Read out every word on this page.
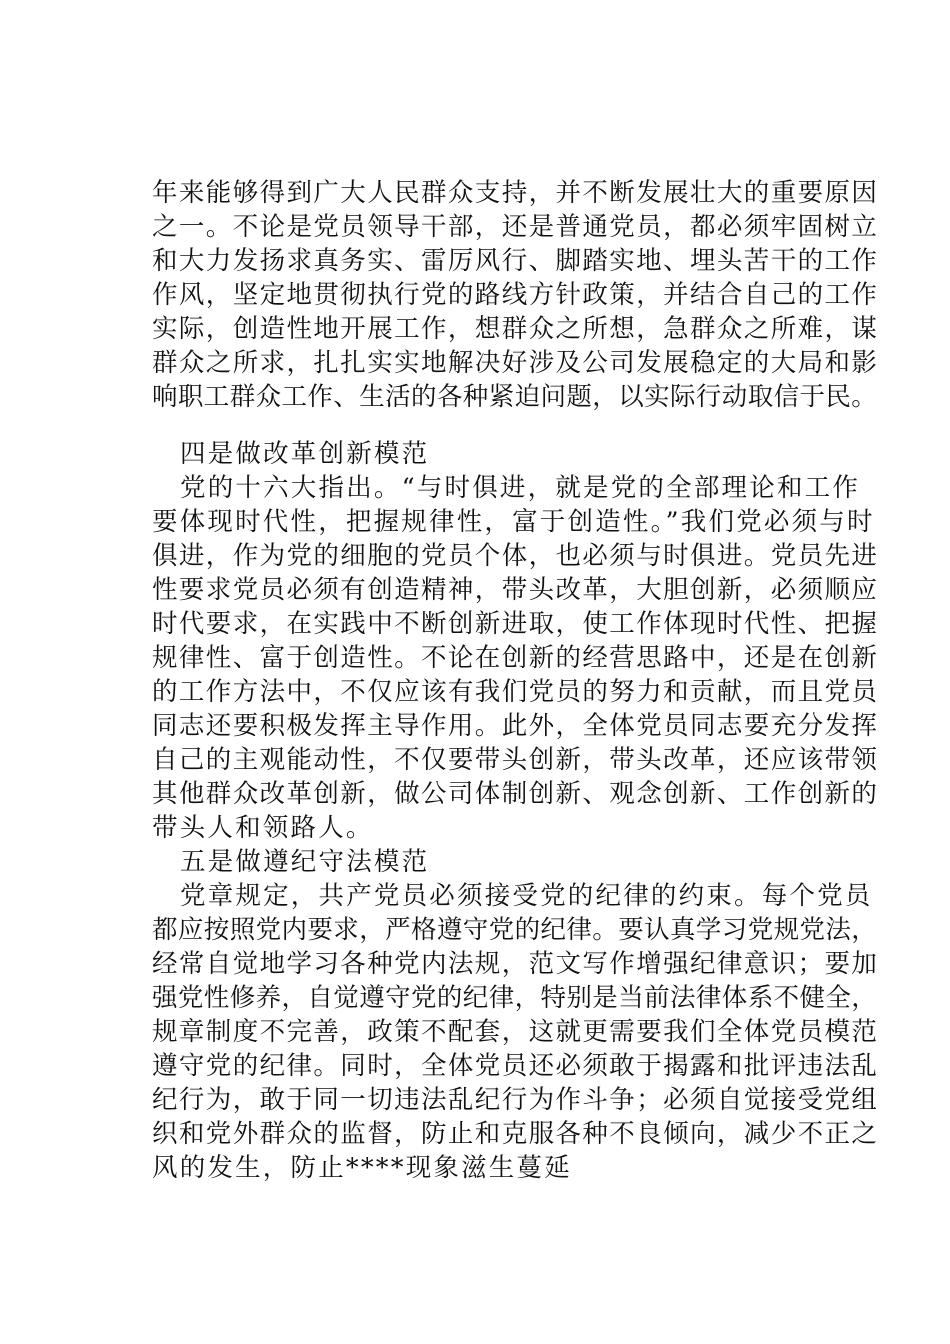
年来能够得到广大人民群众支持，并不断发展壮大的重要原因
之一。不论是党员领导干部，还是普通党员，都必须牢固树立
和大力发扬求真务实、雷厉风行、脚踏实地、埋头苦干的工作
作风，坚定地贯彻执行党的路线方针政策，并结合自己的工作
实际，创造性地开展工作，想群众之所想，急群众之所难，谋
群众之所求，扎扎实实地解决好涉及公司发展稳定的大局和影
响职工群众工作、生活的各种紧迫问题，以实际行动取信于民。
四是做改革创新模范
党的十六大指出。“与时俱进，就是党的全部理论和工作
要体现时代性，把握规律性，富于创造性。”我们党必须与时
俱进，作为党的细胞的党员个体，也必须与时俱进。党员先进
性要求党员必须有创造精神，带头改革，大胆创新，必须顺应
时代要求，在实践中不断创新进取，使工作体现时代性、把握
规律性、富于创造性。不论在创新的经营思路中，还是在创新
的工作方法中，不仅应该有我们党员的努力和贡献，而且党员
同志还要积极发挥主导作用。此外，全体党员同志要充分发挥
自己的主观能动性，不仅要带头创新，带头改革，还应该带领
其他群众改革创新，做公司体制创新、观念创新、工作创新的
带头人和领路人。
五是做遵纪守法模范
党章规定，共产党员必须接受党的纪律的约束。每个党员
都应按照党内要求，严格遵守党的纪律。要认真学习党规党法，
经常自觉地学习各种党内法规，范文写作增强纪律意识；要加
强党性修养，自觉遵守党的纪律，特别是当前法律体系不健全，
规章制度不完善，政策不配套，这就更需要我们全体党员模范
遵守党的纪律。同时，全体党员还必须敢于揭露和批评违法乱
纪行为，敢于同一切违法乱纪行为作斗争；必须自觉接受党组
织和党外群众的监督，防止和克服各种不良倾向，减少不正之
风的发生，防止****现象滋生蔓延
